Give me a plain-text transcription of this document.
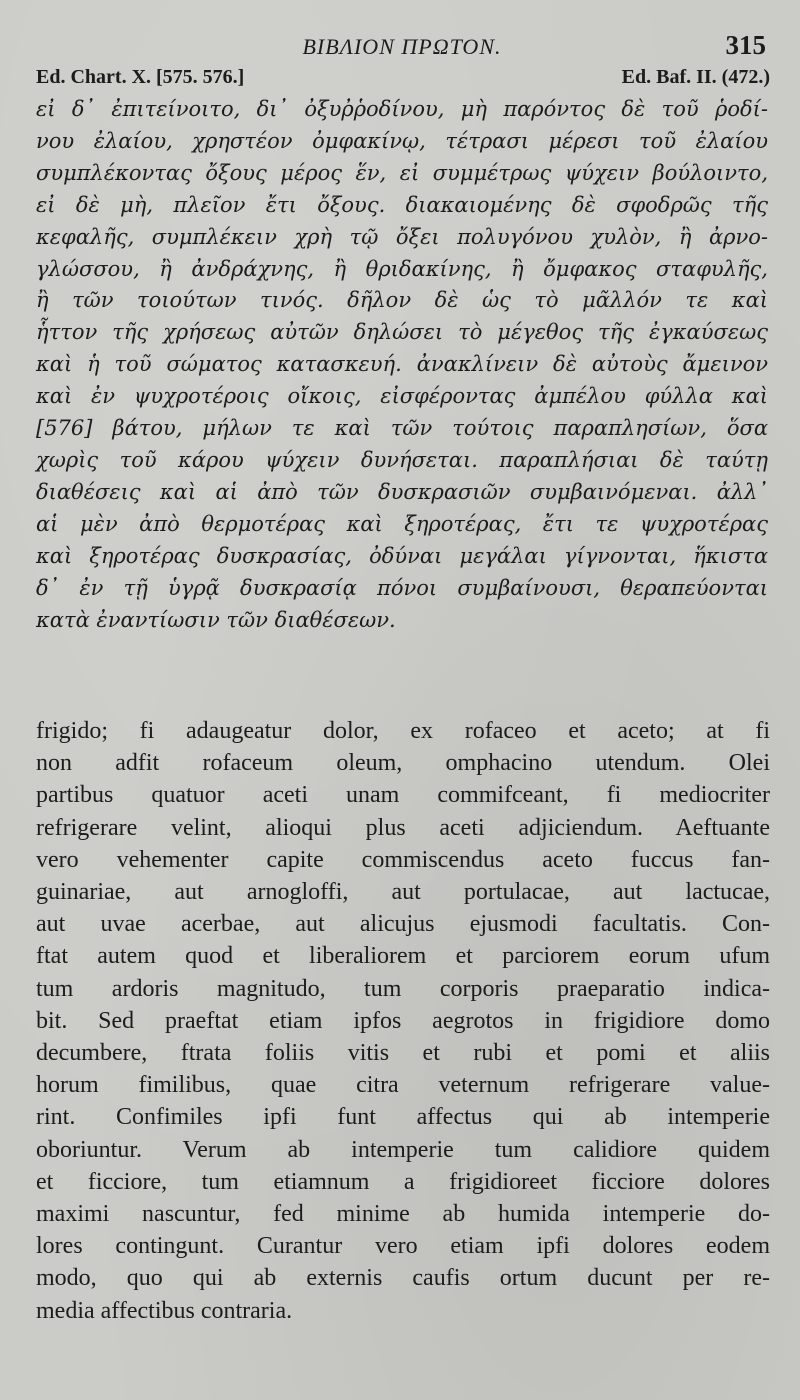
ΒΙΒΛΙΟΝ ΠΡΩΤΟΝ.	315
Ed. Chart. X. [575. 576.]	Ed. Baf. II. (472.)
εἰ δ᾽ ἐπιτείνοιτο, δι᾽ ὀξυῤῥοδίνου, μὴ παρόντος δὲ τοῦ ῥοδί-
νου ἐλαίου, χρηστέον ὀμφακίνῳ, τέτρασι μέρεσι τοῦ ἐλαίου
συμπλέκοντας ὄξους μέρος ἕν, εἰ συμμέτρως ψύχειν βούλοιντο,
εἰ δὲ μὴ, πλεῖον ἔτι ὄξους. διακαιομένης δὲ σφοδρῶς τῆς
κεφαλῆς, συμπλέκειν χρὴ τῷ ὄξει πολυγόνου χυλὸν, ἢ ἀρνο-
γλώσσου, ἢ ἀνδράχνης, ἢ θριδακίνης, ἢ ὄμφακος σταφυλῆς,
ἢ τῶν τοιούτων τινός. δῆλον δὲ ὡς τὸ μᾶλλόν τε καὶ
ἧττον τῆς χρήσεως αὐτῶν δηλώσει τὸ μέγεθος τῆς ἐγκαύσεως
καὶ ἡ τοῦ σώματος κατασκευή. ἀνακλίνειν δὲ αὐτοὺς ἄμεινον
καὶ ἐν ψυχροτέροις οἴκοις, εἰσφέροντας ἀμπέλου φύλλα καὶ
[576] βάτου, μήλων τε καὶ τῶν τούτοις παραπλησίων, ὅσα
χωρὶς τοῦ κάρου ψύχειν δυνήσεται. παραπλήσιαι δὲ ταύτῃ
διαθέσεις καὶ αἱ ἀπὸ τῶν δυσκρασιῶν συμβαινόμεναι. ἀλλ᾽
αἱ μὲν ἀπὸ θερμοτέρας καὶ ξηροτέρας, ἔτι τε ψυχροτέρας
καὶ ξηροτέρας δυσκρασίας, ὀδύναι μεγάλαι γίγνονται, ἥκιστα
δ᾽ ἐν τῇ ὑγρᾷ δυσκρασίᾳ πόνοι συμβαίνουσι, θεραπεύονται
κατὰ ἐναντίωσιν τῶν διαθέσεων.
frigido; fi adaugeatur dolor, ex rofaceo et aceto; at fi
non adfit rofaceum oleum, omphacino utendum. Olei
partibus quatuor aceti unam commifceant, fi mediocriter
refrigerare velint, alioqui plus aceti adjiciendum. Aeftuante
vero vehementer capite commiscendus aceto fuccus fan-
guinariae, aut arnogloffi, aut portulacae, aut lactucae,
aut uvae acerbae, aut alicujus ejusmodi facultatis. Con-
ftat autem quod et liberaliorem et parciorem eorum ufum
tum ardoris magnitudo, tum corporis praeparatio indica-
bit. Sed praeftat etiam ipfos aegrotos in frigidiore domo
decumbere, ftrata foliis vitis et rubi et pomi et aliis
horum fimilibus, quae citra veternum refrigerare value-
rint. Confimiles ipfi funt affectus qui ab intemperie
oboriuntur. Verum ab intemperie tum calidiore quidem
et ficciore, tum etiamnum a frigidioreet ficciore dolores
maximi nascuntur, fed minime ab humida intemperie do-
lores contingunt. Curantur vero etiam ipfi dolores eodem
modo, quo qui ab externis caufis ortum ducunt per re-
media affectibus contraria.
